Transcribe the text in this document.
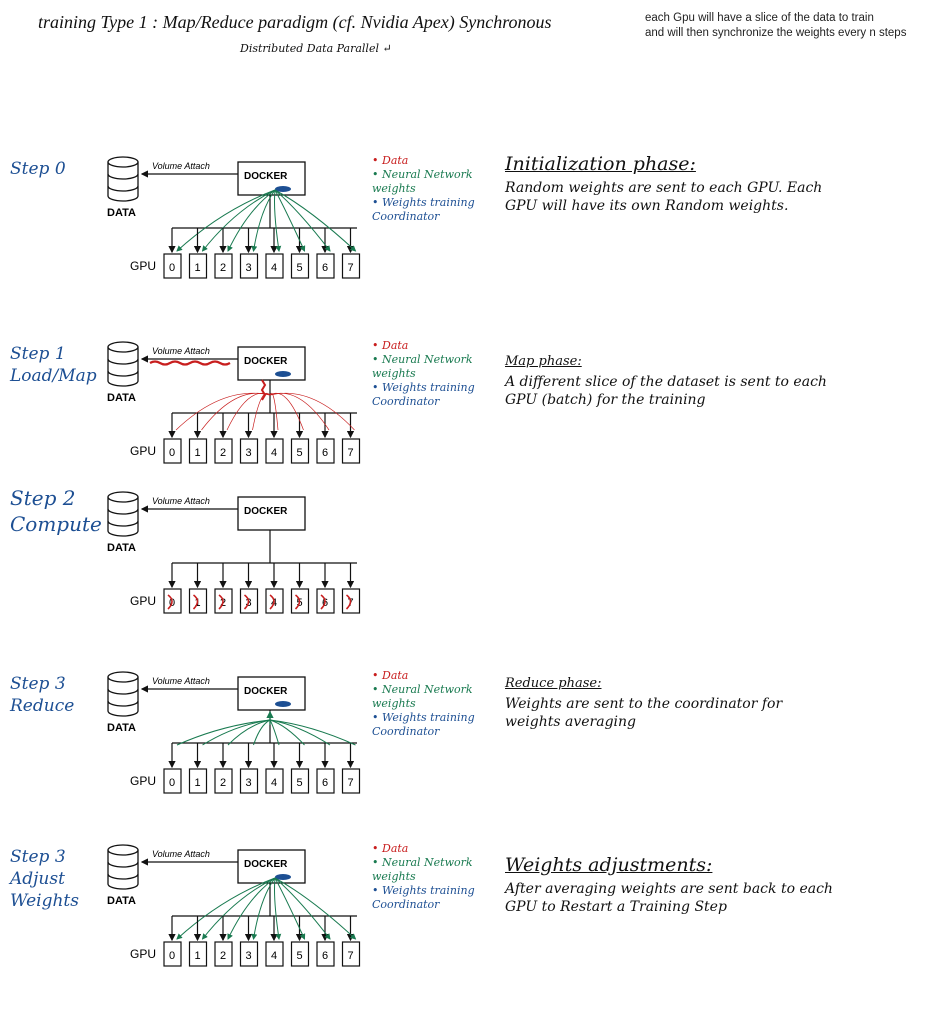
training Type 1 : Map/Reduce paradigm (cf. Nvidia Apex) Synchronous
Distributed Data Parallel ↵
each Gpu will have a slice of the data to train
and will then synchronize the weights every n steps
DATA
Volume Attach
DOCKER
GPU 0 1 2 3 4 5 6 7
Step 0	• Data
• Neural Network weights
• Weights training Coordinator
Initialization phase:
Random weights are sent to each GPU. Each GPU will have its own Random weights.
DATA
Volume Attach
DOCKER
GPU 0 1 2 3 4 5 6 7
Step 1
Load/Map
• Data
• Neural Network weights
• Weights training Coordinator
Map phase:
A different slice of the dataset is sent to each GPU (batch) for the training
DATA
Volume Attach
DOCKER
GPU 0 1 2 3 4 5 6 7
Step 2
Compute
DATA
Volume Attach
DOCKER
GPU 0 1 2 3 4 5 6 7
Step 3
Reduce
• Data
• Neural Network weights
• Weights training Coordinator
Reduce phase:
Weights are sent to the coordinator for weights averaging
DATA
Volume Attach
DOCKER
GPU 0 1 2 3 4 5 6 7
Step 3
Adjust Weights
• Data
• Neural Network weights
• Weights training Coordinator
Weights adjustments:
After averaging weights are sent back to each GPU to Restart a Training Step
